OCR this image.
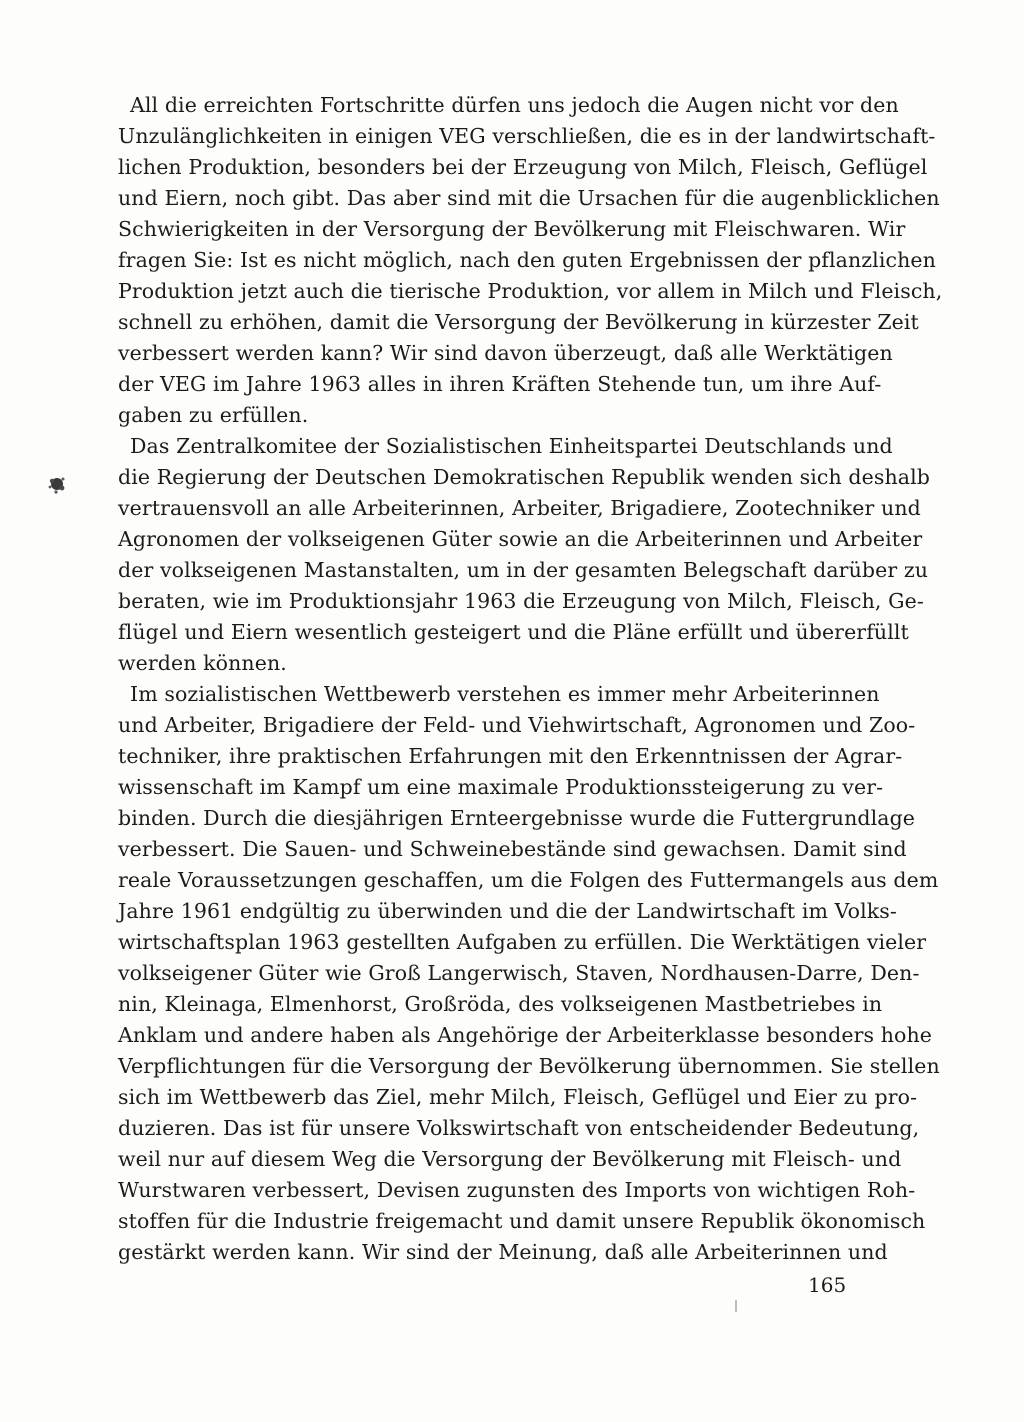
All die erreichten Fortschritte dürfen uns jedoch die Augen nicht vor den
Unzulänglichkeiten in einigen VEG verschließen, die es in der landwirtschaft-
lichen Produktion, besonders bei der Erzeugung von Milch, Fleisch, Geflügel
und Eiern, noch gibt. Das aber sind mit die Ursachen für die augenblicklichen
Schwierigkeiten in der Versorgung der Bevölkerung mit Fleischwaren. Wir
fragen Sie: Ist es nicht möglich, nach den guten Ergebnissen der pflanzlichen
Produktion jetzt auch die tierische Produktion, vor allem in Milch und Fleisch,
schnell zu erhöhen, damit die Versorgung der Bevölkerung in kürzester Zeit
verbessert werden kann? Wir sind davon überzeugt, daß alle Werktätigen
der VEG im Jahre 1963 alles in ihren Kräften Stehende tun, um ihre Auf-
gaben zu erfüllen.
Das Zentralkomitee der Sozialistischen Einheitspartei Deutschlands und
die Regierung der Deutschen Demokratischen Republik wenden sich deshalb
vertrauensvoll an alle Arbeiterinnen, Arbeiter, Brigadiere, Zootechniker und
Agronomen der volkseigenen Güter sowie an die Arbeiterinnen und Arbeiter
der volkseigenen Mastanstalten, um in der gesamten Belegschaft darüber zu
beraten, wie im Produktionsjahr 1963 die Erzeugung von Milch, Fleisch, Ge-
flügel und Eiern wesentlich gesteigert und die Pläne erfüllt und übererfüllt
werden können.
Im sozialistischen Wettbewerb verstehen es immer mehr Arbeiterinnen
und Arbeiter, Brigadiere der Feld- und Viehwirtschaft, Agronomen und Zoo-
techniker, ihre praktischen Erfahrungen mit den Erkenntnissen der Agrar-
wissenschaft im Kampf um eine maximale Produktionssteigerung zu ver-
binden. Durch die diesjährigen Ernteergebnisse wurde die Futtergrundlage
verbessert. Die Sauen- und Schweinebestände sind gewachsen. Damit sind
reale Voraussetzungen geschaffen, um die Folgen des Futtermangels aus dem
Jahre 1961 endgültig zu überwinden und die der Landwirtschaft im Volks-
wirtschaftsplan 1963 gestellten Aufgaben zu erfüllen. Die Werktätigen vieler
volkseigener Güter wie Groß Langerwisch, Staven, Nordhausen-Darre, Den-
nin, Kleinaga, Elmenhorst, Großröda, des volkseigenen Mastbetriebes in
Anklam und andere haben als Angehörige der Arbeiterklasse besonders hohe
Verpflichtungen für die Versorgung der Bevölkerung übernommen. Sie stellen
sich im Wettbewerb das Ziel, mehr Milch, Fleisch, Geflügel und Eier zu pro-
duzieren. Das ist für unsere Volkswirtschaft von entscheidender Bedeutung,
weil nur auf diesem Weg die Versorgung der Bevölkerung mit Fleisch- und
Wurstwaren verbessert, Devisen zugunsten des Imports von wichtigen Roh-
stoffen für die Industrie freigemacht und damit unsere Republik ökonomisch
gestärkt werden kann. Wir sind der Meinung, daß alle Arbeiterinnen und
165
